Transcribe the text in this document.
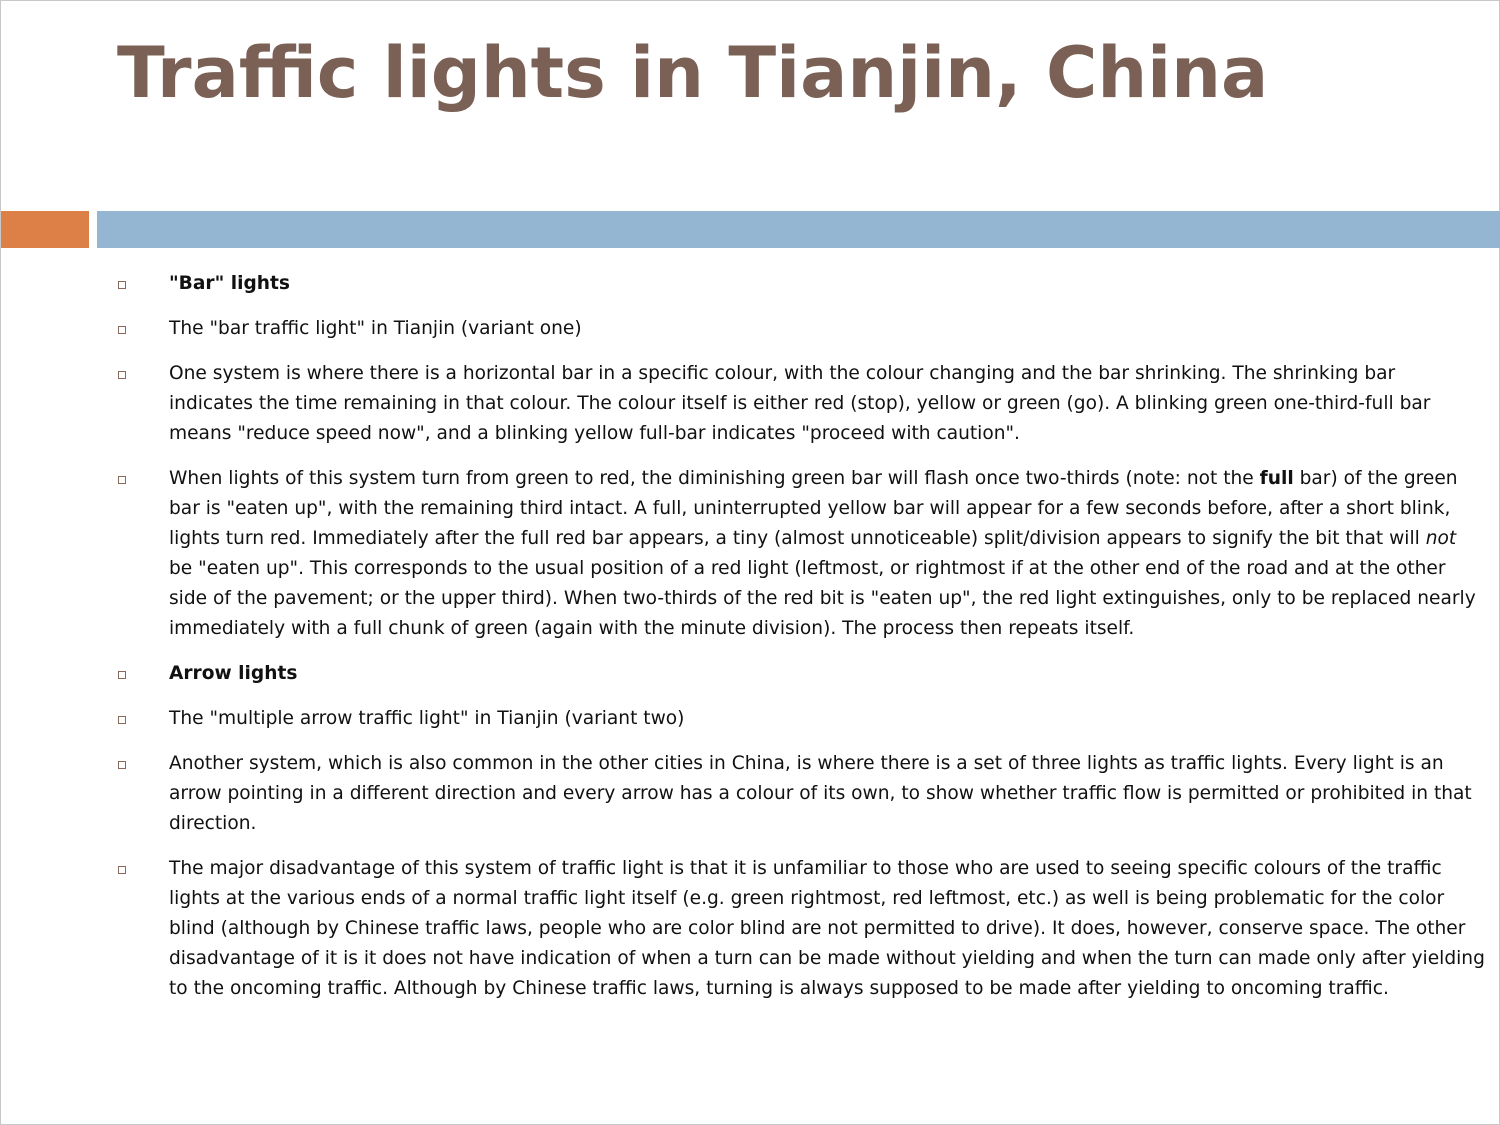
Traffic lights in Tianjin, China
"Bar" lights
The "bar traffic light" in Tianjin (variant one)
One system is where there is a horizontal bar in a specific colour, with the colour changing and the bar shrinking. The shrinking bar indicates the time remaining in that colour. The colour itself is either red (stop), yellow or green (go). A blinking green one-third-full bar means "reduce speed now", and a blinking yellow full-bar indicates "proceed with caution".
When lights of this system turn from green to red, the diminishing green bar will flash once two-thirds (note: not the full bar) of the green bar is "eaten up", with the remaining third intact. A full, uninterrupted yellow bar will appear for a few seconds before, after a short blink, lights turn red. Immediately after the full red bar appears, a tiny (almost unnoticeable) split/division appears to signify the bit that will not be "eaten up". This corresponds to the usual position of a red light (leftmost, or rightmost if at the other end of the road and at the other side of the pavement; or the upper third). When two-thirds of the red bit is "eaten up", the red light extinguishes, only to be replaced nearly immediately with a full chunk of green (again with the minute division). The process then repeats itself.
Arrow lights
The "multiple arrow traffic light" in Tianjin (variant two)
Another system, which is also common in the other cities in China, is where there is a set of three lights as traffic lights. Every light is an arrow pointing in a different direction and every arrow has a colour of its own, to show whether traffic flow is permitted or prohibited in that direction.
The major disadvantage of this system of traffic light is that it is unfamiliar to those who are used to seeing specific colours of the traffic lights at the various ends of a normal traffic light itself (e.g. green rightmost, red leftmost, etc.) as well is being problematic for the color blind (although by Chinese traffic laws, people who are color blind are not permitted to drive). It does, however, conserve space. The other disadvantage of it is it does not have indication of when a turn can be made without yielding and when the turn can made only after yielding to the oncoming traffic. Although by Chinese traffic laws, turning is always supposed to be made after yielding to oncoming traffic.
